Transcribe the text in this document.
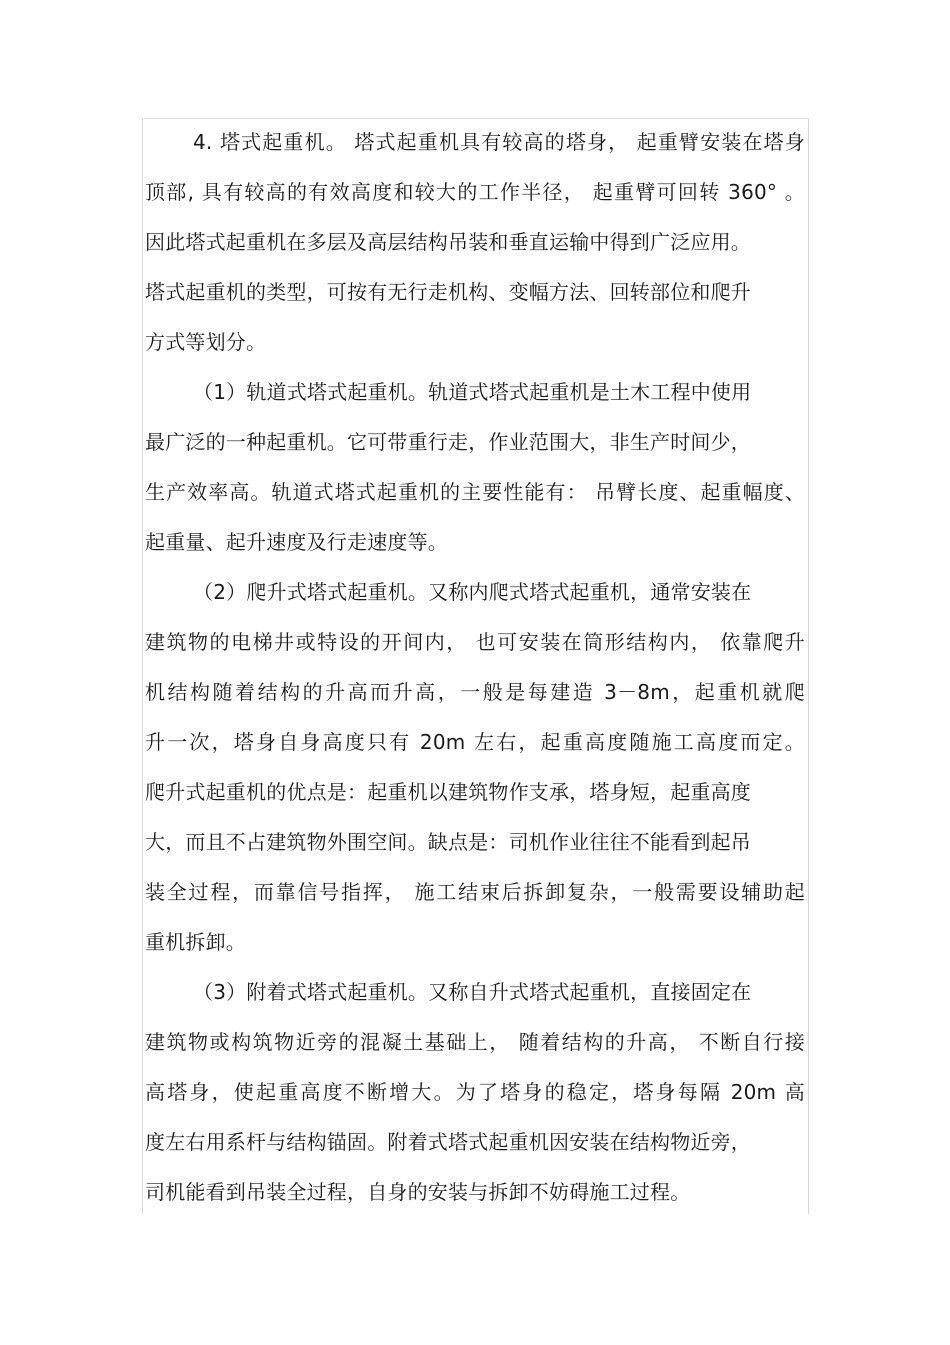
4. 塔式起重机。 塔式起重机具有较高的塔身， 起重臂安装在塔身
顶部, 具有较高的有效高度和较大的工作半径， 起重臂可回转 360° 。
因此塔式起重机在多层及高层结构吊装和垂直运输中得到广泛应用。
塔式起重机的类型，可按有无行走机构、变幅方法、回转部位和爬升
方式等划分。
（1）轨道式塔式起重机。轨道式塔式起重机是土木工程中使用
最广泛的一种起重机。它可带重行走，作业范围大，非生产时间少，
生产效率高。轨道式塔式起重机的主要性能有： 吊臂长度、起重幅度、
起重量、起升速度及行走速度等。
（2）爬升式塔式起重机。又称内爬式塔式起重机，通常安装在
建筑物的电梯井或特设的开间内， 也可安装在筒形结构内， 依靠爬升
机结构随着结构的升高而升高，一般是每建造 3－8m，起重机就爬
升一次，塔身自身高度只有 20m 左右，起重高度随施工高度而定。
爬升式起重机的优点是：起重机以建筑物作支承，塔身短，起重高度
大，而且不占建筑物外围空间。缺点是：司机作业往往不能看到起吊
装全过程，而靠信号指挥， 施工结束后拆卸复杂，一般需要设辅助起
重机拆卸。
（3）附着式塔式起重机。又称自升式塔式起重机，直接固定在
建筑物或构筑物近旁的混凝土基础上， 随着结构的升高， 不断自行接
高塔身，使起重高度不断增大。为了塔身的稳定，塔身每隔 20m 高
度左右用系杆与结构锚固。附着式塔式起重机因安装在结构物近旁，
司机能看到吊装全过程，自身的安装与拆卸不妨碍施工过程。
